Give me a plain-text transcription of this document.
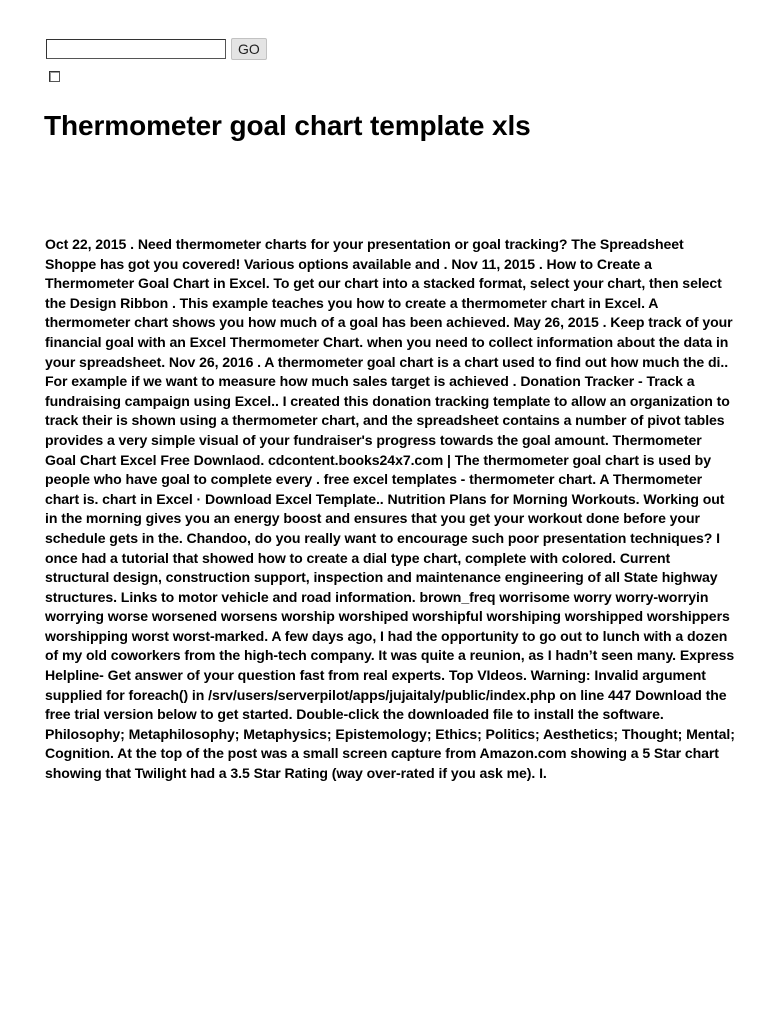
GO
Thermometer goal chart template xls

Oct 22, 2015 . Need thermometer charts for your presentation or goal tracking? The Spreadsheet Shoppe has got you covered! Various options available and . Nov 11, 2015 . How to Create a Thermometer Goal Chart in Excel. To get our chart into a stacked format, select your chart, then select the Design Ribbon . This example teaches you how to create a thermometer chart in Excel. A thermometer chart shows you how much of a goal has been achieved. May 26, 2015 . Keep track of your financial goal with an Excel Thermometer Chart. when you need to collect information about the data in your spreadsheet. Nov 26, 2016 . A thermometer goal chart is a chart used to find out how much the di.. For example if we want to measure how much sales target is achieved . Donation Tracker - Track a fundraising campaign using Excel.. I created this donation tracking template to allow an organization to track their is shown using a thermometer chart, and the spreadsheet contains a number of pivot tables provides a very simple visual of your fundraiser's progress towards the goal amount. Thermometer Goal Chart Excel Free Downlaod. cdcontent.books24x7.com | The thermometer goal chart is used by people who have goal to complete every . free excel templates - thermometer chart. A Thermometer chart is. chart in Excel · Download Excel Template.. Nutrition Plans for Morning Workouts. Working out in the morning gives you an energy boost and ensures that you get your workout done before your schedule gets in the. Chandoo, do you really want to encourage such poor presentation techniques? I once had a tutorial that showed how to create a dial type chart, complete with colored. Current structural design, construction support, inspection and maintenance engineering of all State highway structures. Links to motor vehicle and road information. brown_freq worrisome worry worry-worryin worrying worse worsened worsens worship worshiped worshipful worshiping worshipped worshippers worshipping worst worst-marked. A few days ago, I had the opportunity to go out to lunch with a dozen of my old coworkers from the high-tech company. It was quite a reunion, as I hadn’t seen many. Express Helpline- Get answer of your question fast from real experts. Top VIdeos. Warning: Invalid argument supplied for foreach() in /srv/users/serverpilot/apps/jujaitaly/public/index.php on line 447 Download the free trial version below to get started. Double-click the downloaded file to install the software. Philosophy; Metaphilosophy; Metaphysics; Epistemology; Ethics; Politics; Aesthetics; Thought; Mental; Cognition. At the top of the post was a small screen capture from Amazon.com showing a 5 Star chart showing that Twilight had a 3.5 Star Rating (way over-rated if you ask me). I.
